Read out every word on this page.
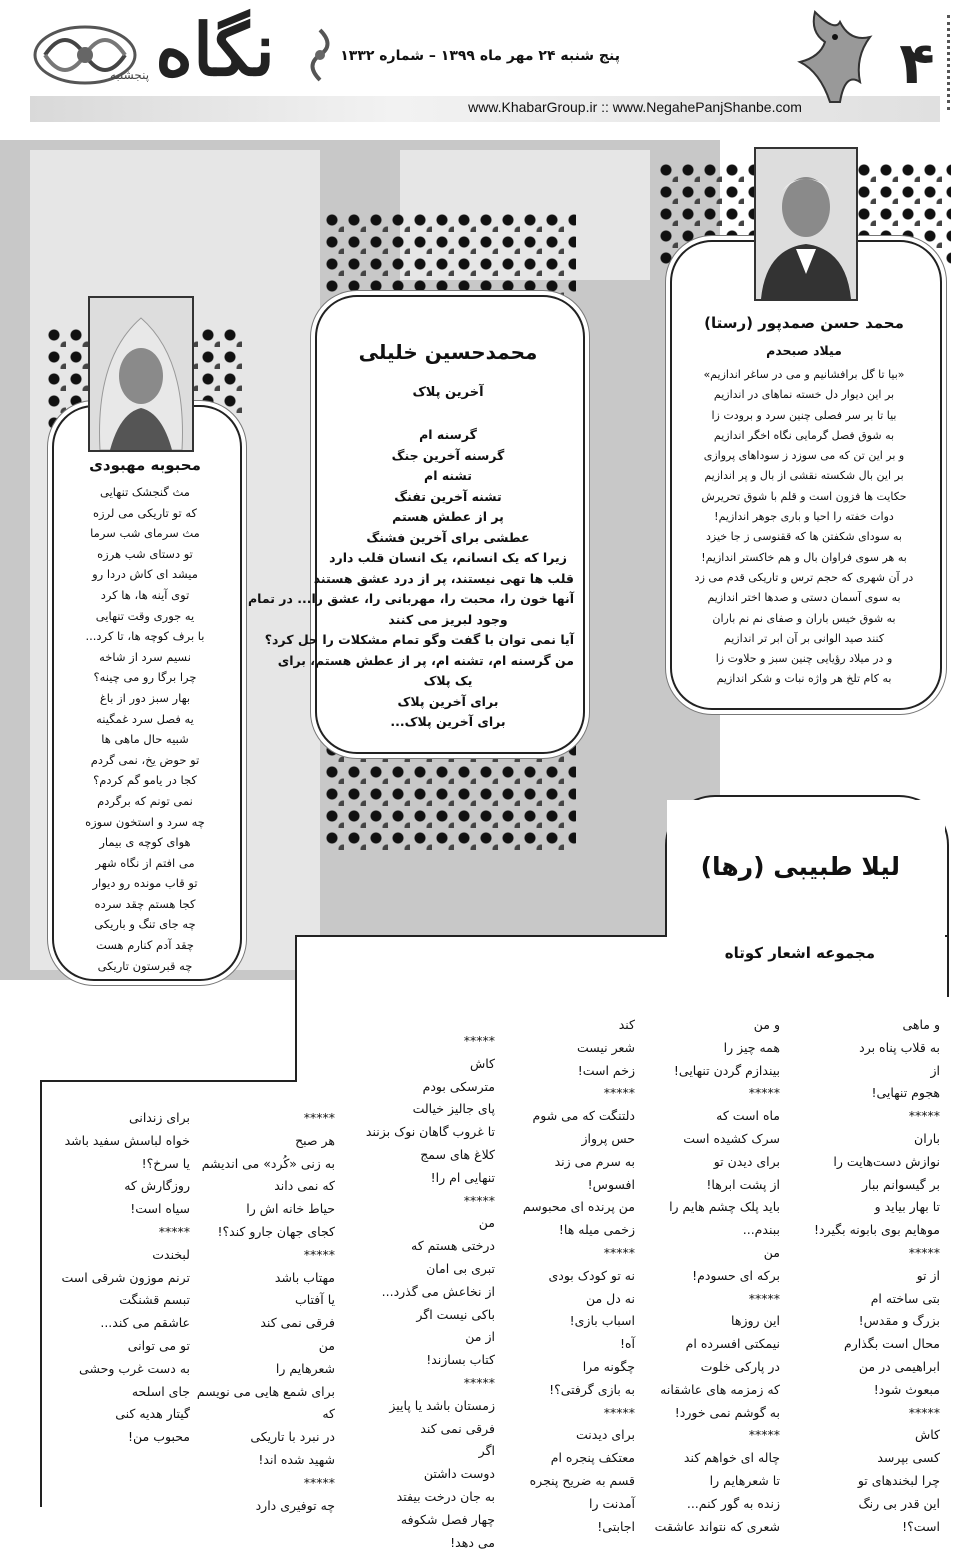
نگاه
پنجشنبه
پنج شنبه ۲۴ مهر ماه ۱۳۹۹ – شماره ۱۳۳۲
www.KhabarGroup.ir :: www.NegahePanjShanbe.com
۴
محمد حسن صمدپور (رستا)
میلاد صبحدم
«بیا تا گل برافشانیم و می در ساغر اندازیم»
بر این دیوار دل خسته نماهای در اندازیم
بیا تا بر سر فصلی چنین سرد و برودت زا
به شوق فصل گرمایی نگاه اخگر اندازیم
و بر این تن که می سوزد ز سوداهای پروازی
بر این بال شکسته نقشی از بال و پر اندازیم
حکایت ها فزون است و قلم با شوق تحریرش
دوات خفته را احیا و باری جوهر اندازیم!
به سودای شکفتن ها که ققنوسی ز جا خیزد
به هر سوی فراوان بال و هم خاکستر اندازیم!
در آن شهری که حجم ترس و تاریکی قدم می زد
به سوی آسمان دستی و صدها اختر اندازیم
به شوق خیس باران و صفای نم نم باران
کنند صید الوانی بر آن ابر تر اندازیم
و در میلاد رؤیایی چنین سبز و حلاوت زا
به کام تلخ هر واژه نبات و شکر اندازیم
محمدحسین خلیلی
آخرین پلاک
گرسنه ام
گرسنه آخرین جنگ
تشنه ام
تشنه آخرین تفنگ
پر از عطش هستم
عطشی برای آخرین فشنگ
زیرا که یک انسانم، یک انسان قلب دارد
قلب ها تهی نیستند، پر از درد عشق هستند
آنها خون را، محبت را، مهربانی را، عشق را... در تمام
وجود لبریز می کنند
آیا نمی توان با گفت وگو تمام مشکلات را حل کرد؟
من گرسنه ام، تشنه ام، پر از عطش هستم، برای
یک پلاک
برای آخرین پلاک
برای آخرین پلاک...
محبوبه مهبودی
مث گنجشک تنهایی
که تو تاریکی می لرزه
مث سرمای شب سرما
تو دستای شب هرزه
میشد ای کاش دردا رو
توی آینه ها، ها کرد
یه جوری وقت تنهایی
با برف کوچه ها، تا کرد...
نسیم سرد از شاخه
چرا برگا رو می چینه؟
بهار سبز دور از باغ
یه فصل سرد غمگینه
شبیه حال ماهی ها
تو حوض یخ، نمی گردم
کجا در یامو گم کردم؟
نمی تونم که برگردم
چه سرد و استخون سوزه
هوای کوچه ی بیمار
می افتم از نگاه شهر
تو قاب مونده رو دیوار
کجا هستم چقد سرده
چه جای تنگ و باریکی
چقد آدم کنارم هست
چه قبرستون تاریکی
لیلا طبیبی (رها)
مجموعه اشعار کوتاه
و ماهی
به قلاب پناه برد
از
هجوم تنهایی!
*****
باران
نوازش دست‌هایت را
بر گیسوانم ببار
تا بهار بیاید و
موهایم بوی بابونه بگیرد!
*****
از تو
بتی ساخته ام
بزرگ و مقدس!
محال است بگذارم
ابراهیمی در من
مبعوث شود!
*****
کاش
کسی بپرسد
چرا لبخندهای تو
این قدر بی رنگ
است؟!
و من
همه چیز را
بیندازم گردن تنهایی!
*****
ماه است که
سرک کشیده است
برای دیدن تو
از پشت ابرها!
باید پلک چشم هایم را
ببندم...
من
برکه ای حسودم!
*****
این روزها
نیمکتی افسرده ام
در پارکی خلوت
که زمزمه های عاشقانه
به گوشم نمی خورد!
*****
چاله ای خواهم کند
تا شعرهایم را
زنده به گور کنم...
شعری که نتواند عاشقت
کند
شعر نیست
زخم است!
*****
دلتنگت که می شوم
حس پرواز
به سرم می زند
افسوس!
من پرنده ای محبوسم
زخمی میله ها!
*****
نه تو کودک بودی
نه دل من
اسباب بازی!
آه!
چگونه مرا
به بازی گرفتی؟!
*****
برای دیدنت
معتکف پنجره ام
قسم به ضریح پنجره
آمدنت را
اجابتی!
*****
کاش
مترسکی بودم
پای جالیز خیالت
تا غروب گاهان نوک بزنند
کلاغ های سمج
تنهایی ام را!
*****
من
درختی هستم که
تبری بی امان
از نخاعش می گذرد...
باکی نیست اگر
از من
کتاب بسازند!
*****
زمستان باشد یا پاییز
فرقی نمی کند
اگر
دوست داشتن
به جان درخت بیفتد
چهار فصل شکوفه
می دهد!
*****
هر صبح
به زنی «کُرد» می اندیشم
که نمی داند
حیاط خانه اش را
کجای جهان جارو کند؟!
*****
مهتاب باشد
یا آفتاب
فرقی نمی کند
من
شعرهایم را
برای شمع هایی می نویسم
که
در نبرد با تاریکی
شهید شده اند!
*****
چه توفیری دارد
برای زندانی
خواه لباسش سفید باشد
یا سرخ؟!
روزگارش که
سیاه است!
*****
لبخندت
ترنم موزون شرقی است
تبسم قشنگت
عاشقم می کند...
تو می توانی
به دست غرب وحشی
جای اسلحه
گیتار هدیه کنی
محبوب من!
